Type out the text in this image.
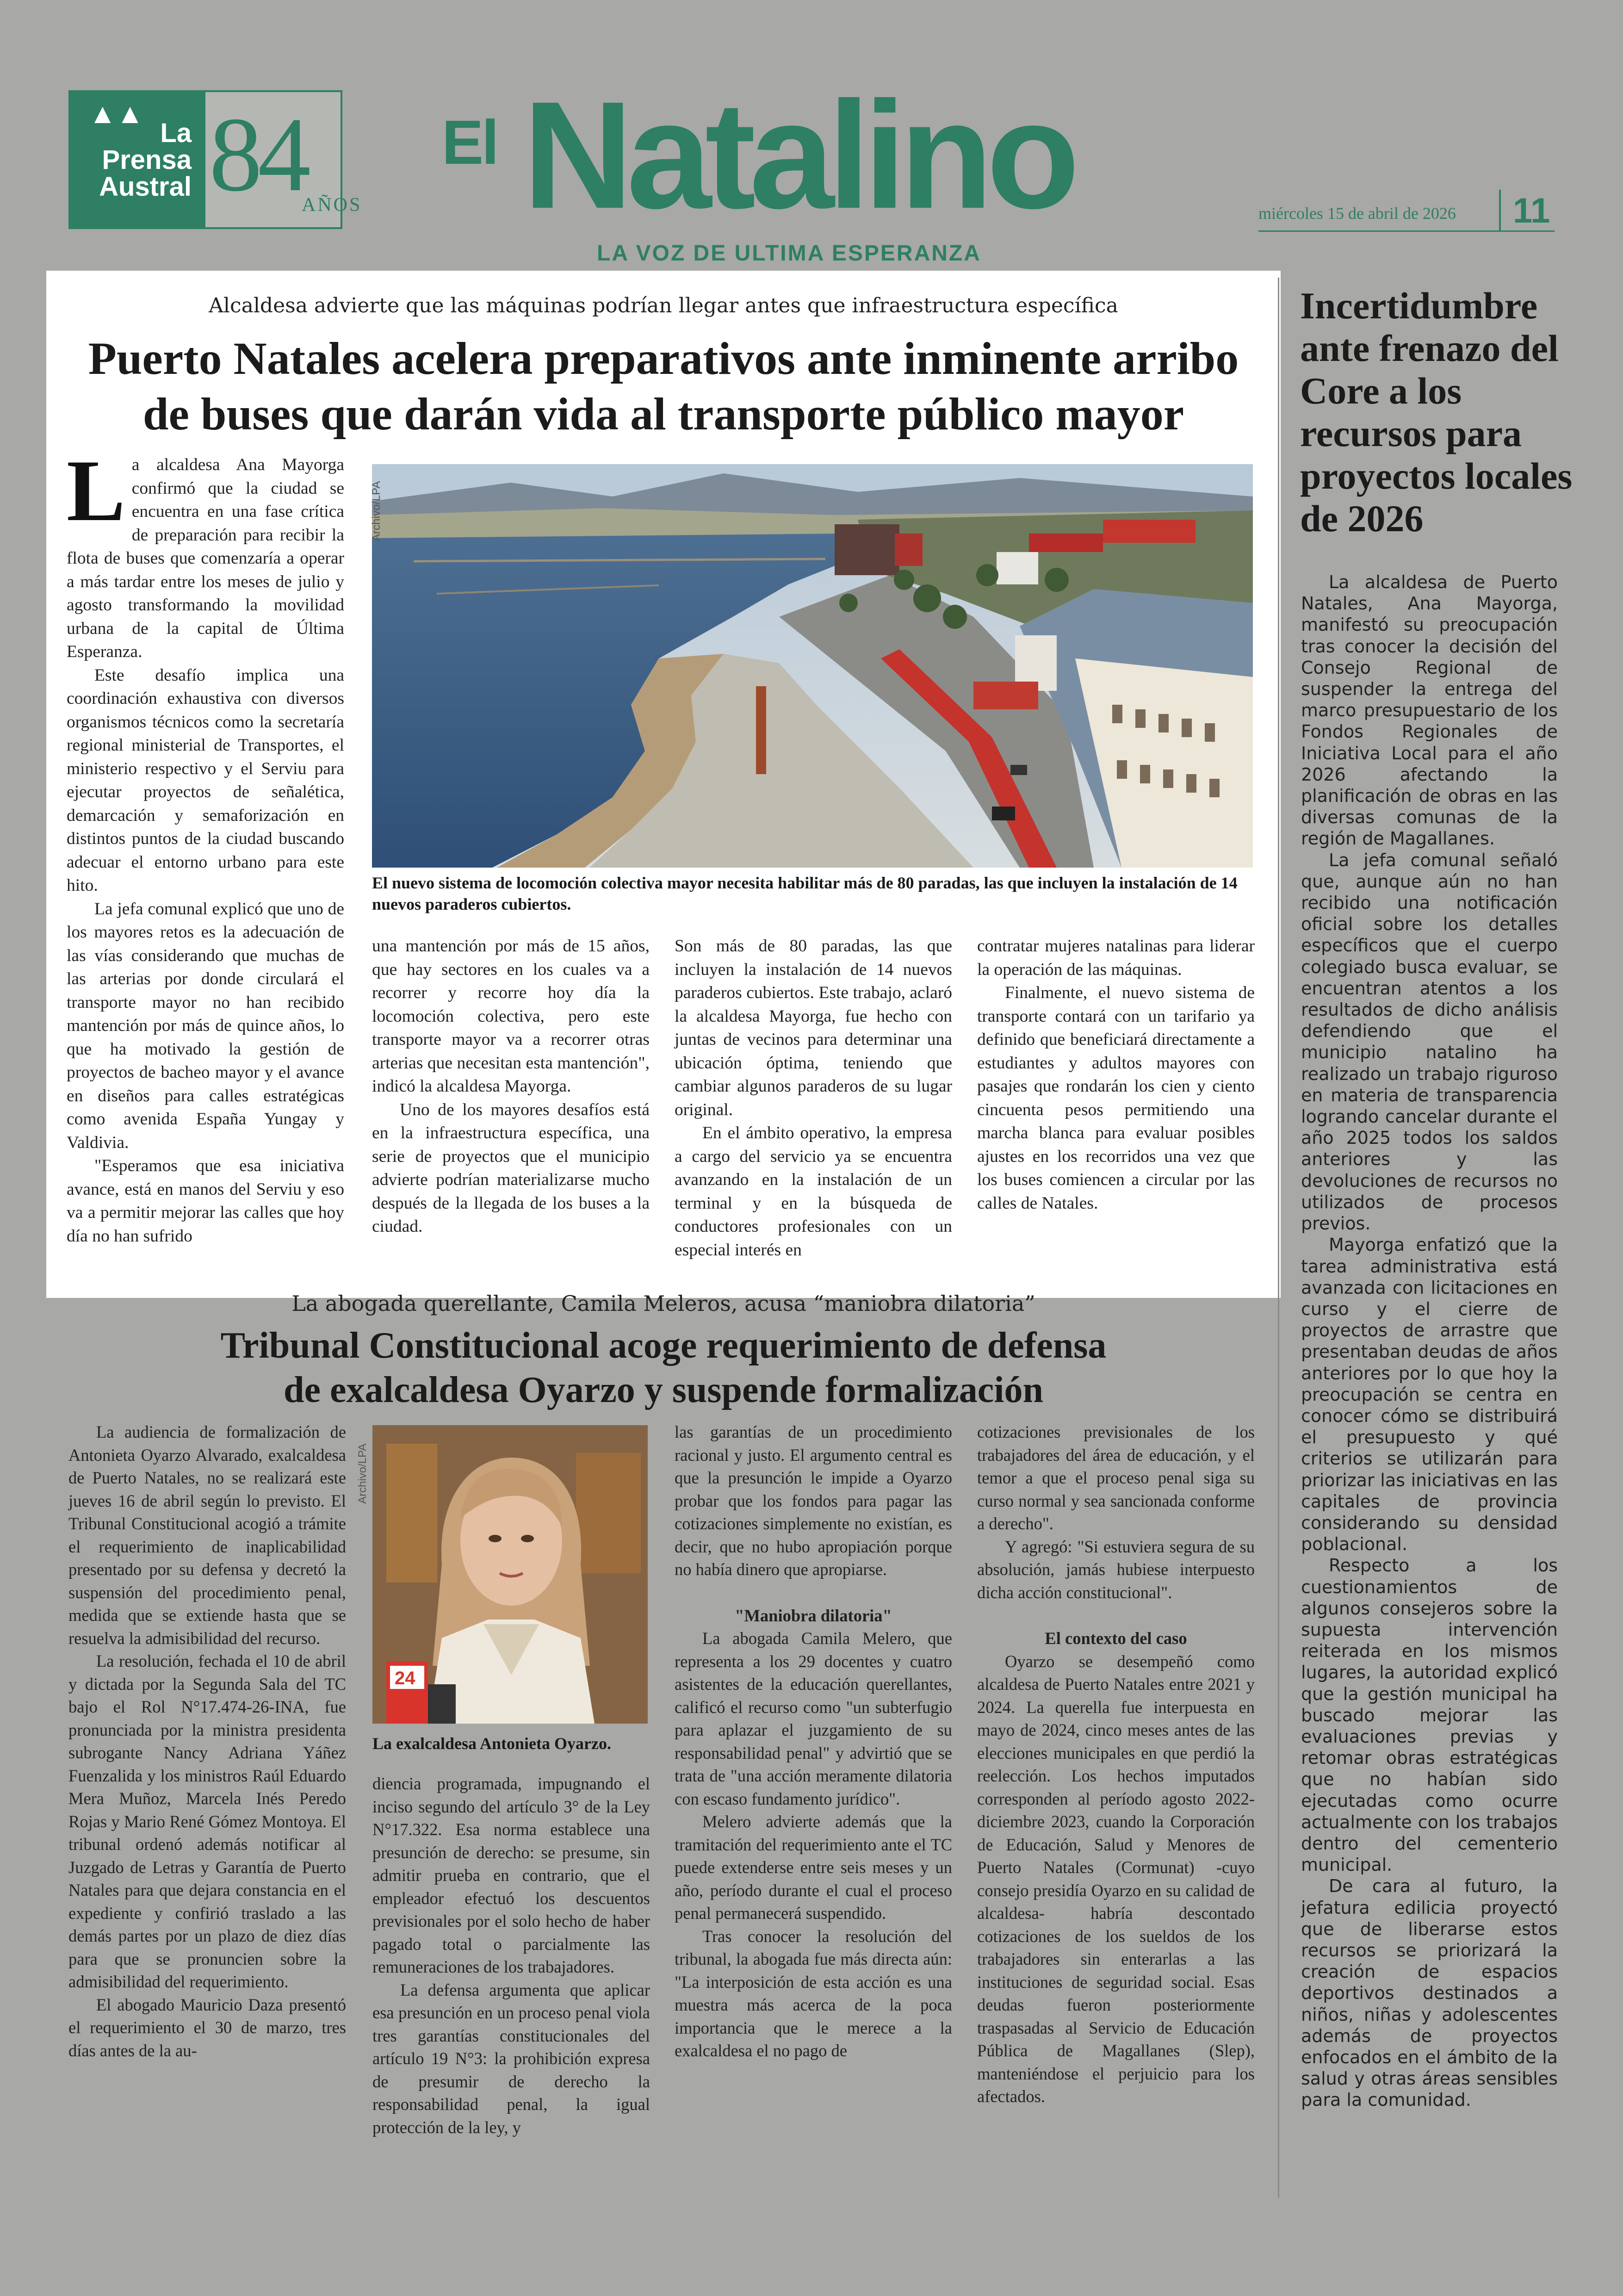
▲▲
La
Prensa
Austral 84
AÑOS
El Natalino
LA VOZ DE ULTIMA ESPERANZA
miércoles 15 de abril de 2026 11
Alcaldesa advierte que las máquinas podrían llegar antes que infraestructura específica
Puerto Natales acelera preparativos ante inminente arribo
de buses que darán vida al transporte público mayor

La alcaldesa Ana Mayorga confirmó que la ciudad se encuentra en una fase crítica de preparación para recibir la flota de buses que comenzaría a operar a más tardar entre los meses de julio y agosto transformando la movilidad urbana de la capital de Última Esperanza.

Este desafío implica una coordinación exhaustiva con diversos organismos técnicos como la secretaría regional ministerial de Transportes, el ministerio respectivo y el Serviu para ejecutar proyectos de señalética, demarcación y semaforización en distintos puntos de la ciudad buscando adecuar el entorno urbano para este hito.

La jefa comunal explicó que uno de los mayores retos es la adecuación de las vías considerando que muchas de las arterias por donde circulará el transporte mayor no han recibido mantención por más de quince años, lo que ha motivado la gestión de proyectos de bacheo mayor y el avance en diseños para calles estratégicas como avenida España Yungay y Valdivia.

"Esperamos que esa iniciativa avance, está en manos del Serviu y eso va a permitir mejorar las calles que hoy día no han sufrido

Archivo/LPA
El nuevo sistema de locomoción colectiva mayor necesita habilitar más de 80 paradas, las que incluyen la instalación de 14 nuevos paraderos cubiertos.

una mantención por más de 15 años, que hay sectores en los cuales va a recorrer y recorre hoy día la locomoción colectiva, pero este transporte mayor va a recorrer otras arterias que necesitan esta mantención", indicó la alcaldesa Mayorga.

Uno de los mayores desafíos está en la infraestructura específica, una serie de proyectos que el municipio advierte podrían materializarse mucho después de la llegada de los buses a la ciudad.

Son más de 80 paradas, las que incluyen la instalación de 14 nuevos paraderos cubiertos. Este trabajo, aclaró la alcaldesa Mayorga, fue hecho con juntas de vecinos para determinar una ubicación óptima, teniendo que cambiar algunos paraderos de su lugar original.

En el ámbito operativo, la empresa a cargo del servicio ya se encuentra avanzando en la instalación de un terminal y en la búsqueda de conductores profesionales con un especial interés en

contratar mujeres natalinas para liderar la operación de las máquinas.

Finalmente, el nuevo sistema de transporte contará con un tarifario ya definido que beneficiará directamente a estudiantes y adultos mayores con pasajes que rondarán los cien y ciento cincuenta pesos permitiendo una marcha blanca para evaluar posibles ajustes en los recorridos una vez que los buses comiencen a circular por las calles de Natales.

La abogada querellante, Camila Meleros, acusa “maniobra dilatoria”
Tribunal Constitucional acoge requerimiento de defensa
de exalcaldesa Oyarzo y suspende formalización

La audiencia de formalización de Antonieta Oyarzo Alvarado, exalcaldesa de Puerto Natales, no se realizará este jueves 16 de abril según lo previsto. El Tribunal Constitucional acogió a trámite el requerimiento de inaplicabilidad presentado por su defensa y decretó la suspensión del procedimiento penal, medida que se extiende hasta que se resuelva la admisibilidad del recurso.

La resolución, fechada el 10 de abril y dictada por la Segunda Sala del TC bajo el Rol N°17.474-26-INA, fue pronunciada por la ministra presidenta subrogante Nancy Adriana Yáñez Fuenzalida y los ministros Raúl Eduardo Mera Muñoz, Marcela Inés Peredo Rojas y Mario René Gómez Montoya. El tribunal ordenó además notificar al Juzgado de Letras y Garantía de Puerto Natales para que dejara constancia en el expediente y confirió traslado a las demás partes por un plazo de diez días para que se pronuncien sobre la admisibilidad del requerimiento.

El abogado Mauricio Daza presentó el requerimiento el 30 de marzo, tres días antes de la au-

24
Archivo/LPA
La exalcaldesa Antonieta Oyarzo.

diencia programada, impugnando el inciso segundo del artículo 3° de la Ley N°17.322. Esa norma establece una presunción de derecho: se presume, sin admitir prueba en contrario, que el empleador efectuó los descuentos previsionales por el solo hecho de haber pagado total o parcialmente las remuneraciones de los trabajadores.

La defensa argumenta que aplicar esa presunción en un proceso penal viola tres garantías constitucionales del artículo 19 N°3: la prohibición expresa de presumir de derecho la responsabilidad penal, la igual protección de la ley, y

las garantías de un procedimiento racional y justo. El argumento central es que la presunción le impide a Oyarzo probar que los fondos para pagar las cotizaciones simplemente no existían, es decir, que no hubo apropiación porque no había dinero que apropiarse.

"Maniobra dilatoria"

La abogada Camila Melero, que representa a los 29 docentes y cuatro asistentes de la educación querellantes, calificó el recurso como "un subterfugio para aplazar el juzgamiento de su responsabilidad penal" y advirtió que se trata de "una acción meramente dilatoria con escaso fundamento jurídico".

Melero advierte además que la tramitación del requerimiento ante el TC puede extenderse entre seis meses y un año, período durante el cual el proceso penal permanecerá suspendido.

Tras conocer la resolución del tribunal, la abogada fue más directa aún: "La interposición de esta acción es una muestra más acerca de la poca importancia que le merece a la exalcaldesa el no pago de

cotizaciones previsionales de los trabajadores del área de educación, y el temor a que el proceso penal siga su curso normal y sea sancionada conforme a derecho".

Y agregó: "Si estuviera segura de su absolución, jamás hubiese interpuesto dicha acción constitucional".

El contexto del caso

Oyarzo se desempeñó como alcaldesa de Puerto Natales entre 2021 y 2024. La querella fue interpuesta en mayo de 2024, cinco meses antes de las elecciones municipales en que perdió la reelección. Los hechos imputados corresponden al período agosto 2022-diciembre 2023, cuando la Corporación de Educación, Salud y Menores de Puerto Natales (Cormunat) -cuyo consejo presidía Oyarzo en su calidad de alcaldesa- habría descontado cotizaciones de los sueldos de los trabajadores sin enterarlas a las instituciones de seguridad social. Esas deudas fueron posteriormente traspasadas al Servicio de Educación Pública de Magallanes (Slep), manteniéndose el perjuicio para los afectados.

Incertidumbre ante frenazo del Core a los recursos para proyectos locales de 2026

La alcaldesa de Puerto Natales, Ana Mayorga, manifestó su preocupación tras conocer la decisión del Consejo Regional de suspender la entrega del marco presupuestario de los Fondos Regionales de Iniciativa Local para el año 2026 afectando la planificación de obras en las diversas comunas de la región de Magallanes.

La jefa comunal señaló que, aunque aún no han recibido una notificación oficial sobre los detalles específicos que el cuerpo colegiado busca evaluar, se encuentran atentos a los resultados de dicho análisis defendiendo que el municipio natalino ha realizado un trabajo riguroso en materia de transparencia logrando cancelar durante el año 2025 todos los saldos anteriores y las devoluciones de recursos no utilizados de procesos previos.

Mayorga enfatizó que la tarea administrativa está avanzada con licitaciones en curso y el cierre de proyectos de arrastre que presentaban deudas de años anteriores por lo que hoy la preocupación se centra en conocer cómo se distribuirá el presupuesto y qué criterios se utilizarán para priorizar las iniciativas en las capitales de provincia considerando su densidad poblacional.

Respecto a los cuestionamientos de algunos consejeros sobre la supuesta intervención reiterada en los mismos lugares, la autoridad explicó que la gestión municipal ha buscado mejorar las evaluaciones previas y retomar obras estratégicas que no habían sido ejecutadas como ocurre actualmente con los trabajos dentro del cementerio municipal.

De cara al futuro, la jefatura edilicia proyectó que de liberarse estos recursos se priorizará la creación de espacios deportivos destinados a niños, niñas y adolescentes además de proyectos enfocados en el ámbito de la salud y otras áreas sensibles para la comunidad.
